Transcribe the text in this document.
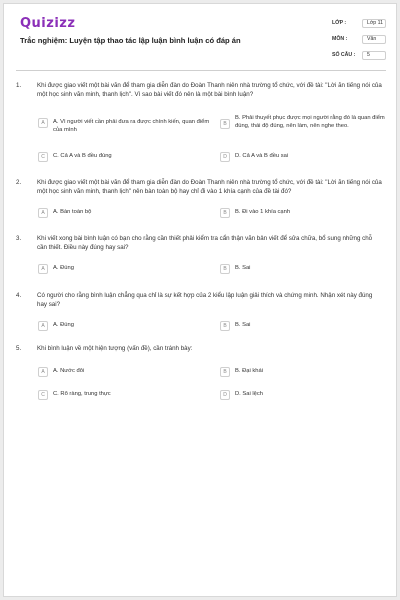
Quizizz
Trắc nghiệm: Luyện tập thao tác lập luận bình luận có đáp án
LỚP :	Lớp 11
MÔN :	Văn
SỐ CÂU :	5
1.	Khi được giao viết một bài văn để tham gia diễn đàn do Đoàn Thanh niên nhà trường tổ chức, với đề tài: "Lời ăn tiếng nói của một học sinh văn minh, thanh lịch". Vì sao bài viết đó nên là một bài bình luận?
A	A. Vì người viết cần phải đưa ra được chính kiến, quan điểm của mình
B
B. Phải thuyết phục được mọi người rằng đó là quan điểm đúng, thái độ đúng, nên làm, nên nghe theo.
C	C. Cả A và B đều đúng	D	D. Cả A và B đều sai
2.	Khi được giao viết một bài văn để tham gia diễn đàn do Đoàn Thanh niên nhà trường tổ chức, với đề tài: "Lời ăn tiếng nói của một học sinh văn minh, thanh lịch" nên bàn toàn bộ hay chỉ đi vào 1 khía cạnh của đề tài đó?
A	A. Bàn toàn bộ	B	B. Đi vào 1 khía cạnh
3.	Khi viết xong bài bình luận có bạn cho rằng cần thiết phải kiểm tra cẩn thận văn bản viết để sửa chữa, bổ sung những chỗ cần thiết. Điều này đúng hay sai?
A	A. Đúng	B	B. Sai
4.	Có người cho rằng bình luận chẳng qua chỉ là sự kết hợp của 2 kiểu lập luận giải thích và chứng minh. Nhận xét này đúng hay sai?
A	A. Đúng	B	B. Sai
5.	Khi bình luận về một hiện tượng (vấn đề), cần tránh bày:
A	A. Nước đôi	B	B. Đại khái
C	C. Rõ ràng, trung thực	D	D. Sai lệch
